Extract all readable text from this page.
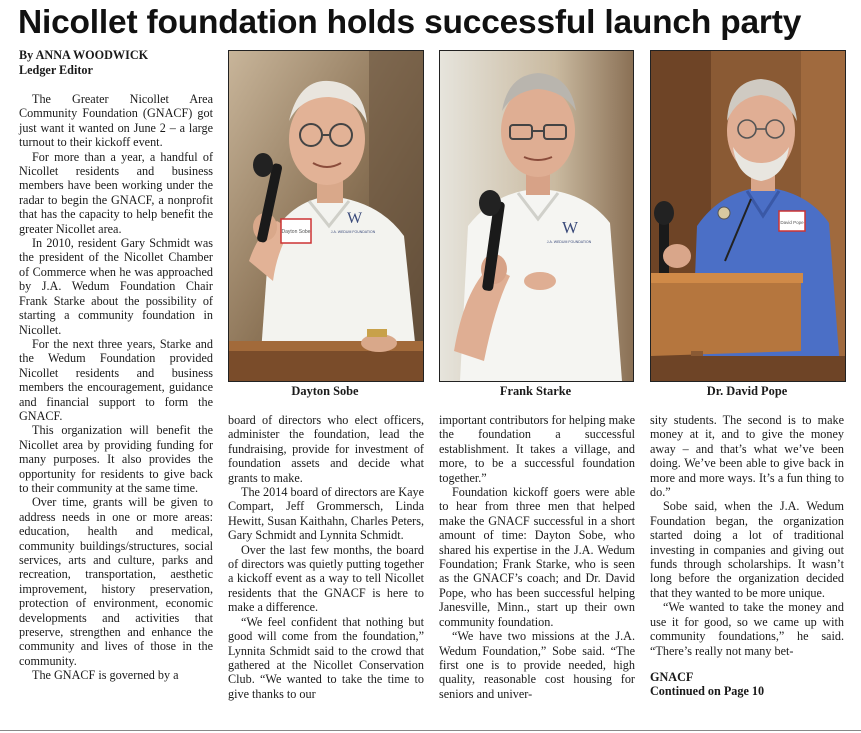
Nicollet foundation holds successful launch party
By ANNA WOODWICK
Ledger Editor

The Greater Nicollet Area Community Foundation (GNACF) got just want it wanted on June 2 – a large turnout to their kickoff event.

For more than a year, a handful of Nicollet residents and business members have been working under the radar to begin the GNACF, a nonprofit that has the capacity to help benefit the greater Nicollet area.

In 2010, resident Gary Schmidt was the president of the Nicollet Chamber of Commerce when he was approached by J.A. Wedum Foundation Chair Frank Starke about the possibility of starting a community foundation in Nicollet.

For the next three years, Starke and the Wedum Foundation provided Nicollet residents and business members the encouragement, guidance and financial support to form the GNACF.

This organization will benefit the Nicollet area by providing funding for many purposes. It also provides the opportunity for residents to give back to their community at the same time.

Over time, grants will be given to address needs in one or more areas: education, health and medical, community buildings/structures, social services, arts and culture, parks and recreation, transportation, aesthetic improvement, history preservation, protection of environment, economic developments and activities that preserve, strengthen and enhance the community and lives of those in the community.

The GNACF is governed by a

Dayton Sobe
W
J.A. WEDUM FOUNDATION
Dayton Sobe
W
J.A. WEDUM FOUNDATION
Frank Starke
David Pope
Dr. David Pope

board of directors who elect officers, administer the foundation, lead the fundraising, provide for investment of foundation assets and decide what grants to make.

The 2014 board of directors are Kaye Compart, Jeff Grommersch, Linda Hewitt, Susan Kaithahn, Charles Peters, Gary Schmidt and Lynnita Schmidt.

Over the last few months, the board of directors was quietly putting together a kickoff event as a way to tell Nicollet residents that the GNACF is here to make a difference.

“We feel confident that nothing but good will come from the foundation,” Lynnita Schmidt said to the crowd that gathered at the Nicollet Conservation Club. “We wanted to take the time to give thanks to our

important contributors for helping make the foundation a successful establishment. It takes a village, and more, to be a successful foundation together.”

Foundation kickoff goers were able to hear from three men that helped make the GNACF successful in a short amount of time: Dayton Sobe, who shared his expertise in the J.A. Wedum Foundation; Frank Starke, who is seen as the GNACF’s coach; and Dr. David Pope, who has been successful helping Janesville, Minn., start up their own community foundation.

“We have two missions at the J.A. Wedum Foundation,” Sobe said. “The first one is to provide needed, high quality, reasonable cost housing for seniors and univer-

sity students. The second is to make money at it, and to give the money away – and that’s what we’ve been doing. We’ve been able to give back in more and more ways. It’s a fun thing to do.”

Sobe said, when the J.A. Wedum Foundation began, the organization started doing a lot of traditional investing in companies and giving out funds through scholarships. It wasn’t long before the organization decided that they wanted to be more unique.

“We wanted to take the money and use it for good, so we came up with community foundations,” he said. “There’s really not many bet-

GNACF
Continued on Page 10
